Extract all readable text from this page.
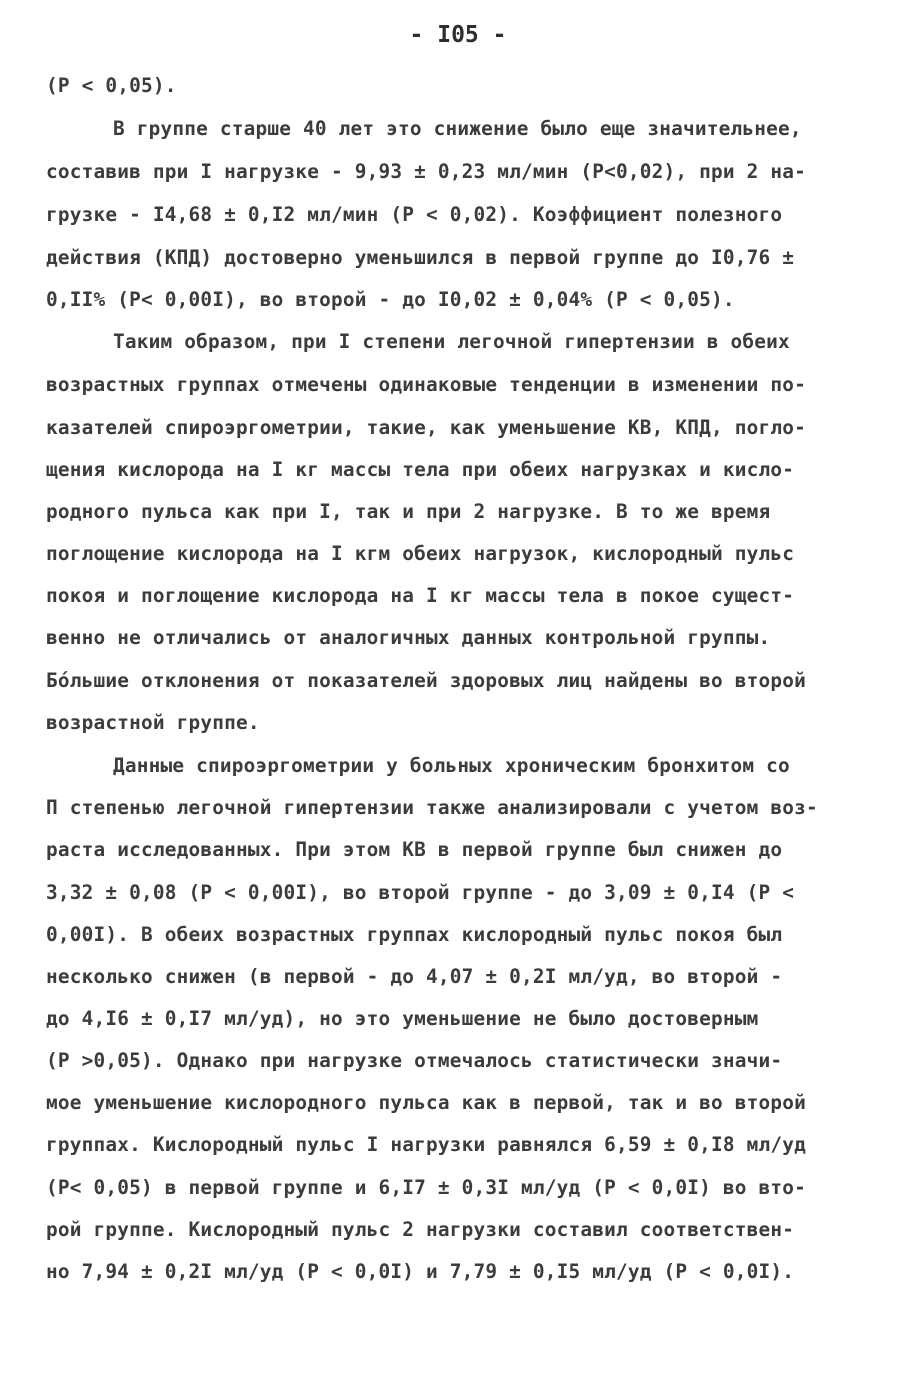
- I05 -
(P < 0,05).
В группе старше 40 лет это снижение было еще значительнее,
составив при I нагрузке - 9,93 ± 0,23 мл/мин (Р<0,02), при 2 на-
грузке - I4,68 ± 0,I2 мл/мин (Р < 0,02). Коэффициент полезного
действия (КПД) достоверно уменьшился в первой группе до I0,76 ±
0,II% (Р< 0,00I), во второй - до I0,02 ± 0,04% (Р < 0,05).
Таким образом, при I степени легочной гипертензии в обеих
возрастных группах отмечены одинаковые тенденции в изменении по-
казателей спироэргометрии, такие, как уменьшение КВ, КПД, погло-
щения кислорода на I кг массы тела при обеих нагрузках и кисло-
родного пульса как при I, так и при 2 нагрузке. В то же время
поглощение кислорода на I кгм обеих нагрузок, кислородный пульс
покоя и поглощение кислорода на I кг массы тела в покое сущест-
венно не отличались от аналогичных данных контрольной группы.
Бóльшие отклонения от показателей здоровых лиц найдены во второй
возрастной группе.
Данные спироэргометрии у больных хроническим бронхитом со
П степенью легочной гипертензии также анализировали с учетом воз-
раста исследованных. При этом КВ в первой группе был снижен до
3,32 ± 0,08 (Р < 0,00I), во второй группе - до 3,09 ± 0,I4 (Р <
0,00I). В обеих возрастных группах кислородный пульс покоя был
несколько снижен (в первой - до 4,07 ± 0,2I мл/уд, во второй -
до 4,I6 ± 0,I7 мл/уд), но это уменьшение не было достоверным
(Р >0,05). Однако при нагрузке отмечалось статистически значи-
мое уменьшение кислородного пульса как в первой, так и во второй
группах. Кислородный пульс I нагрузки равнялся 6,59 ± 0,I8 мл/уд
(Р< 0,05) в первой группе и 6,I7 ± 0,3I мл/уд (Р < 0,0I) во вто-
рой группе. Кислородный пульс 2 нагрузки составил соответствен-
но 7,94 ± 0,2I мл/уд (Р < 0,0I) и 7,79 ± 0,I5 мл/уд (Р < 0,0I).
